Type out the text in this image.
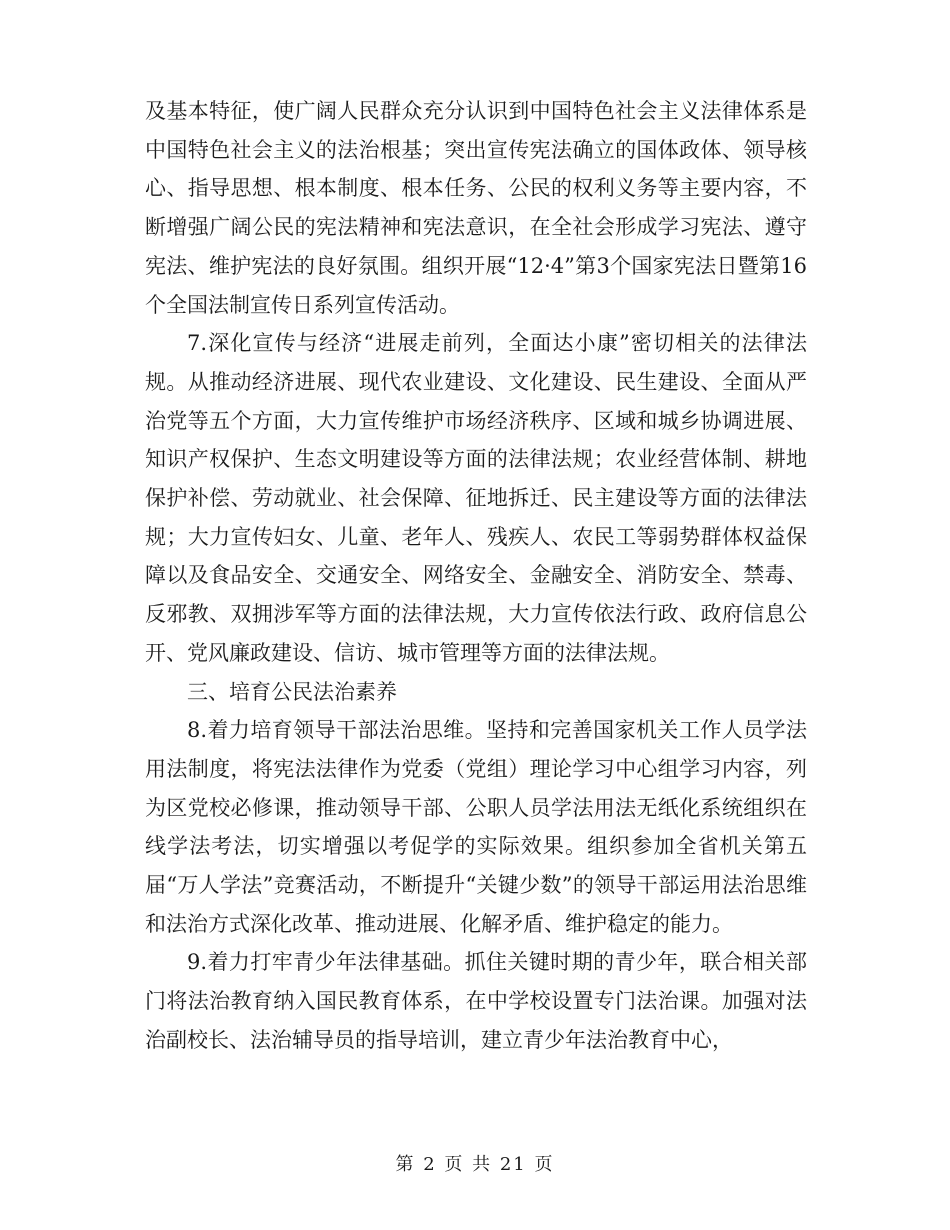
及基本特征，使广阔人民群众充分认识到中国特色社会主义法律体系是中国特色社会主义的法治根基；突出宣传宪法确立的国体政体、领导核心、指导思想、根本制度、根本任务、公民的权利义务等主要内容，不断增强广阔公民的宪法精神和宪法意识，在全社会形成学习宪法、遵守宪法、维护宪法的良好氛围。组织开展“12·4”第3个国家宪法日暨第16个全国法制宣传日系列宣传活动。

7.深化宣传与经济“进展走前列，全面达小康”密切相关的法律法规。从推动经济进展、现代农业建设、文化建设、民生建设、全面从严治党等五个方面，大力宣传维护市场经济秩序、区域和城乡协调进展、知识产权保护、生态文明建设等方面的法律法规；农业经营体制、耕地保护补偿、劳动就业、社会保障、征地拆迁、民主建设等方面的法律法规；大力宣传妇女、儿童、老年人、残疾人、农民工等弱势群体权益保障以及食品安全、交通安全、网络安全、金融安全、消防安全、禁毒、反邪教、双拥涉军等方面的法律法规，大力宣传依法行政、政府信息公开、党风廉政建设、信访、城市管理等方面的法律法规。

三、培育公民法治素养

8.着力培育领导干部法治思维。坚持和完善国家机关工作人员学法用法制度，将宪法法律作为党委（党组）理论学习中心组学习内容，列为区党校必修课，推动领导干部、公职人员学法用法无纸化系统组织在线学法考法，切实增强以考促学的实际效果。组织参加全省机关第五届“万人学法”竞赛活动，不断提升“关键少数”的领导干部运用法治思维和法治方式深化改革、推动进展、化解矛盾、维护稳定的能力。

9.着力打牢青少年法律基础。抓住关键时期的青少年，联合相关部门将法治教育纳入国民教育体系，在中学校设置专门法治课。加强对法治副校长、法治辅导员的指导培训，建立青少年法治教育中心，

第 2 页 共 21 页
